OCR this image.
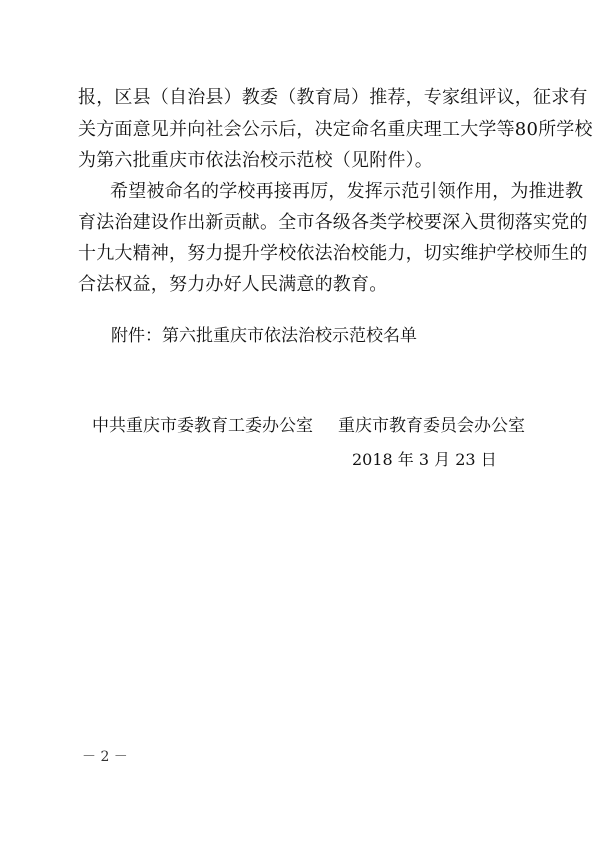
报，区县（自治县）教委（教育局）推荐，专家组评议，征求有
关方面意见并向社会公示后，决定命名重庆理工大学等80所学校
为第六批重庆市依法治校示范校（见附件）。
希望被命名的学校再接再厉，发挥示范引领作用，为推进教
育法治建设作出新贡献。全市各级各类学校要深入贯彻落实党的
十九大精神，努力提升学校依法治校能力，切实维护学校师生的
合法权益，努力办好人民满意的教育。
附件：第六批重庆市依法治校示范校名单
中共重庆市委教育工委办公室 重庆市教育委员会办公室
2018 年 3 月 23 日
－ 2 －
